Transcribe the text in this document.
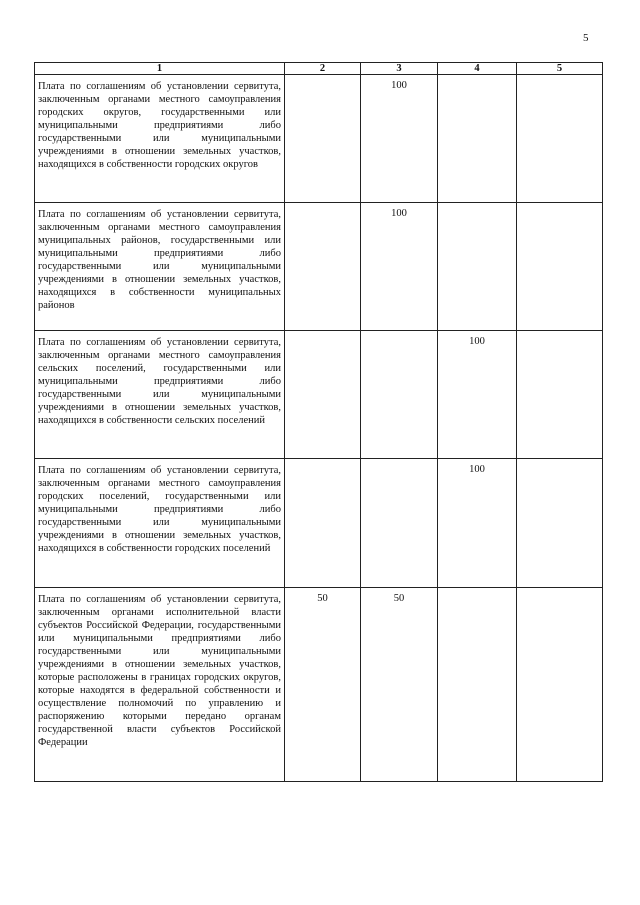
5
1	2	3	4	5
Плата по соглашениям об установлении сервитута, заключенным органами местного самоуправления городских округов, государственными или муниципальными предприятиями либо государственными или муниципальными учреждениями в отношении земельных участков, находящихся в собственности городских округов		100		
Плата по соглашениям об установлении сервитута, заключенным органами местного самоуправления муниципальных районов, государственными или муниципальными предприятиями либо государственными или муниципальными учреждениями в отношении земельных участков, находящихся в собственности муниципальных районов		100		
Плата по соглашениям об установлении сервитута, заключенным органами местного самоуправления сельских поселений, государственными или муниципальными предприятиями либо государственными или муниципальными учреждениями в отношении земельных участков, находящихся в собственности сельских поселений			100	
Плата по соглашениям об установлении сервитута, заключенным органами местного самоуправления городских поселений, государственными или муниципальными предприятиями либо государственными или муниципальными учреждениями в отношении земельных участков, находящихся в собственности городских поселений			100	
Плата по соглашениям об установлении сервитута, заключенным органами исполнительной власти субъектов Российской Федерации, государственными или муниципальными предприятиями либо государственными или муниципальными учреждениями в отношении земельных участков, которые расположены в границах городских округов, которые находятся в федеральной собственности и осуществление полномочий по управлению и распоряжению которыми передано органам государственной власти субъектов Российской Федерации	50	50		
